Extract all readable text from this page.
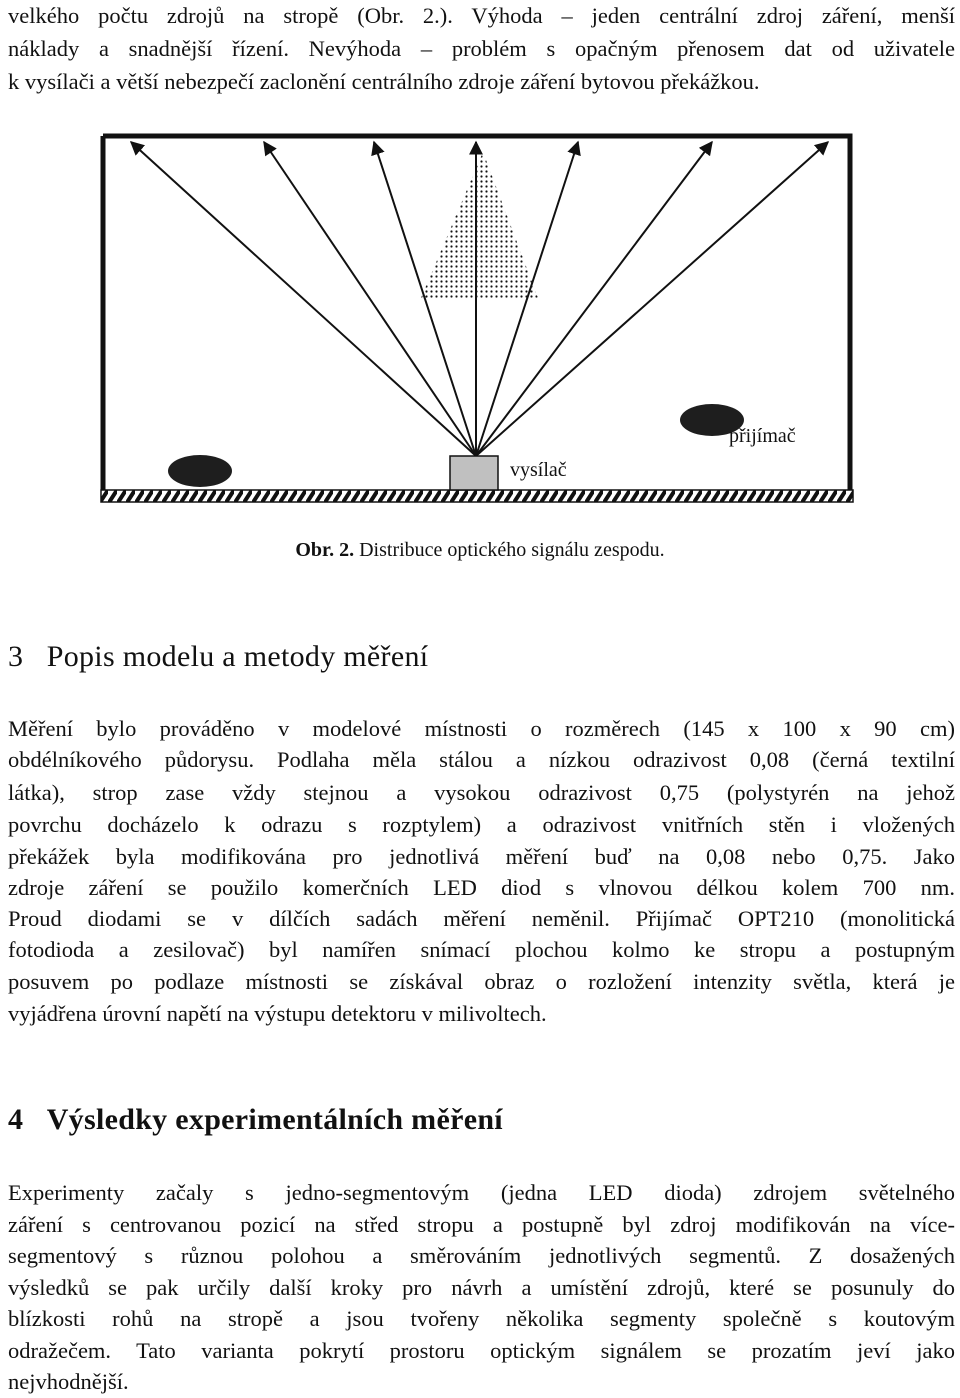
velkého počtu zdrojů na stropě (Obr. 2.). Výhoda – jeden centrální zdroj záření, menší
náklady a snadnější řízení. Nevýhoda – problém s opačným přenosem dat od uživatele
k vysílači a větší nebezpečí zaclonění centrálního zdroje záření bytovou překážkou.
vysílač
přijímač
Obr. 2. Distribuce optického signálu zespodu.
3 Popis modelu a metody měření
Měření bylo prováděno v modelové místnosti o rozměrech (145 x 100 x 90 cm)
obdélníkového půdorysu. Podlaha měla stálou a nízkou odrazivost 0,08 (černá textilní
látka), strop zase vždy stejnou a vysokou odrazivost 0,75 (polystyrén na jehož
povrchu docházelo k odrazu s rozptylem) a odrazivost vnitřních stěn i vložených
překážek byla modifikována pro jednotlivá měření buď na 0,08 nebo 0,75. Jako
zdroje záření se použilo komerčních LED diod s vlnovou délkou kolem 700 nm.
Proud diodami se v dílčích sadách měření neměnil. Přijímač OPT210 (monolitická
fotodioda a zesilovač) byl namířen snímací plochou kolmo ke stropu a postupným
posuvem po podlaze místnosti se získával obraz o rozložení intenzity světla, která je
vyjádřena úrovní napětí na výstupu detektoru v milivoltech.
4 Výsledky experimentálních měření
Experimenty začaly s jedno-segmentovým (jedna LED dioda) zdrojem světelného
záření s centrovanou pozicí na střed stropu a postupně byl zdroj modifikován na více-
segmentový s různou polohou a směrováním jednotlivých segmentů. Z dosažených
výsledků se pak určily další kroky pro návrh a umístění zdrojů, které se posunuly do
blízkosti rohů na stropě a jsou tvořeny několika segmenty společně s koutovým
odražečem. Tato varianta pokrytí prostoru optickým signálem se prozatím jeví jako
nejvhodnější.
